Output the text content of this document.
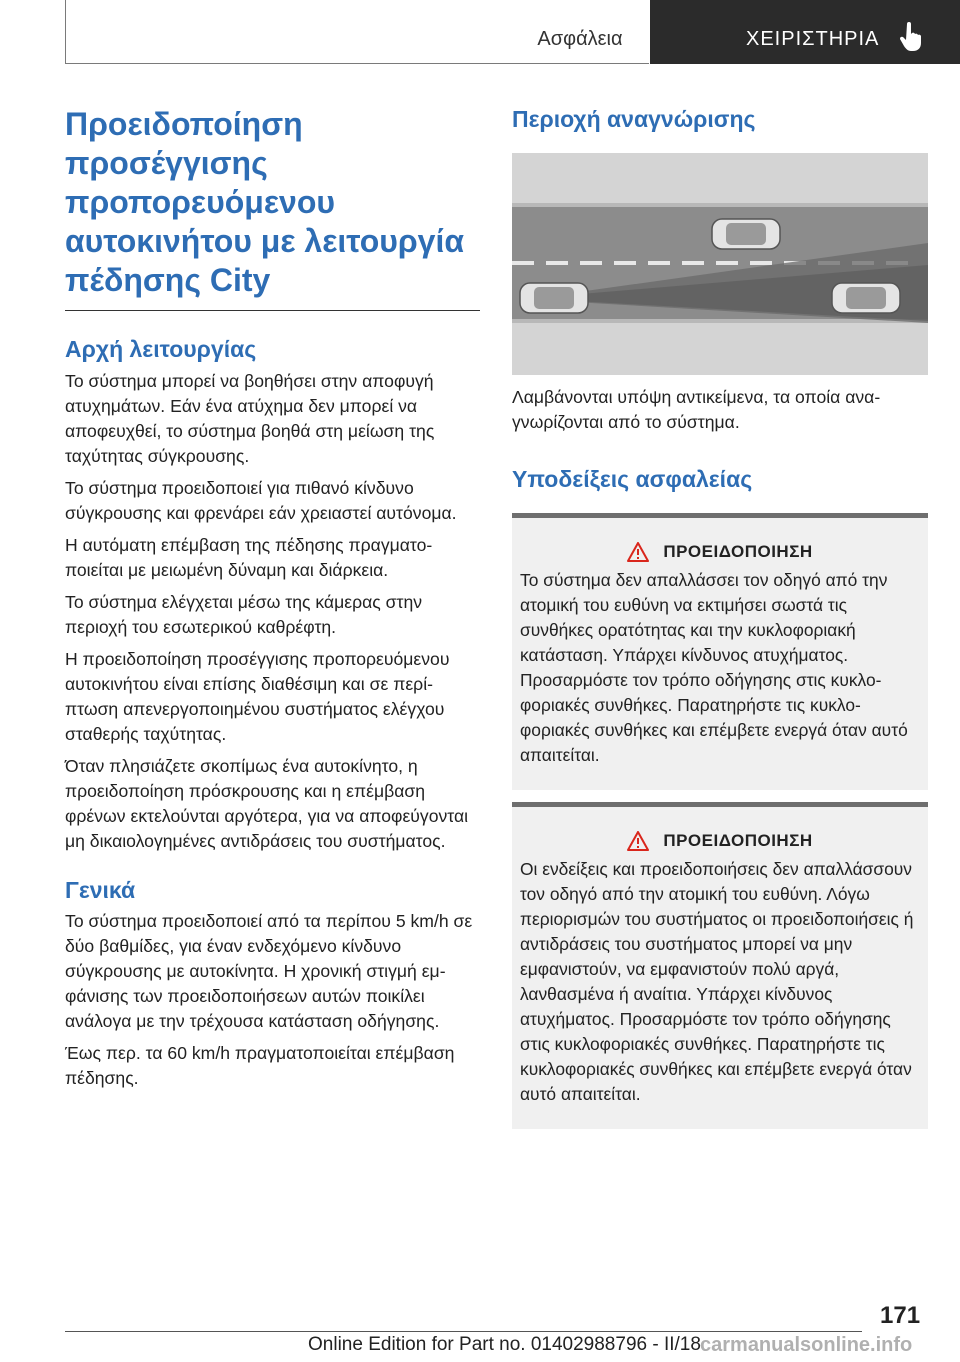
Ασφάλεια	ΧΕΙΡΙΣΤΗΡΙΑ
Προειδοποίηση προσέγγισης προπορευόμενου αυτοκινήτου με λειτουργία πέδησης City
Αρχή λειτουργίας

Το σύστημα μπορεί να βοηθήσει στην αποφυγή ατυχημάτων. Εάν ένα ατύχημα δεν μπορεί να αποφευχθεί, το σύστημα βοηθά στη μείωση της ταχύτητας σύγκρουσης.

Το σύστημα προειδοποιεί για πιθανό κίνδυνο σύγκρουσης και φρενάρει εάν χρειαστεί αυτόνομα.

Η αυτόματη επέμβαση της πέδησης πραγματοποιείται με μειωμένη δύναμη και διάρκεια.

Το σύστημα ελέγχεται μέσω της κάμερας στην περιοχή του εσωτερικού καθρέφτη.

Η προειδοποίηση προσέγγισης προπορευόμενου αυτοκινήτου είναι επίσης διαθέσιμη και σε περίπτωση απενεργοποιημένου συστήματος ελέγχου σταθερής ταχύτητας.

Όταν πλησιάζετε σκοπίμως ένα αυτοκίνητο, η προειδοποίηση πρόσκρουσης και η επέμβαση φρένων εκτελούνται αργότερα, για να αποφεύγονται μη δικαιολογημένες αντιδράσεις του συστήματος.

Γενικά

Το σύστημα προειδοποιεί από τα περίπου 5 km/h σε δύο βαθμίδες, για έναν ενδεχόμενο κίνδυνο σύγκρουσης με αυτοκίνητα. Η χρονική στιγμή εμφάνισης των προειδοποιήσεων αυτών ποικίλει ανάλογα με την τρέχουσα κατάσταση οδήγησης.

Έως περ. τα 60 km/h πραγματοποιείται επέμβαση πέδησης.

Περιοχή αναγνώρισης

Λαμβάνονται υπόψη αντικείμενα, τα οποία αναγνωρίζονται από το σύστημα.

Υποδείξεις ασφαλείας
ΠΡΟΕΙΔΟΠΟΙΗΣΗ

Το σύστημα δεν απαλλάσσει τον οδηγό από την ατομική του ευθύνη να εκτιμήσει σωστά τις συνθήκες ορατότητας και την κυκλοφοριακή κατάσταση. Υπάρχει κίνδυνος ατυχήματος. Προσαρμόστε τον τρόπο οδήγησης στις κυκλοφοριακές συνθήκες. Παρατηρήστε τις κυκλοφοριακές συνθήκες και επέμβετε ενεργά όταν αυτό απαιτείται.

ΠΡΟΕΙΔΟΠΟΙΗΣΗ

Οι ενδείξεις και προειδοποιήσεις δεν απαλλάσσουν τον οδηγό από την ατομική του ευθύνη. Λόγω περιορισμών του συστήματος οι προειδοποιήσεις ή αντιδράσεις του συστήματος μπορεί να μην εμφανιστούν, να εμφανιστούν πολύ αργά, λανθασμένα ή αναίτια. Υπάρχει κίνδυνος ατυχήματος. Προσαρμόστε τον τρόπο οδήγησης στις κυκλοφοριακές συνθήκες. Παρατηρήστε τις κυκλοφοριακές συνθήκες και επέμβετε ενεργά όταν αυτό απαιτείται.

171
Online Edition for Part no. 01402988796 - II/18 carmanualsonline.info
